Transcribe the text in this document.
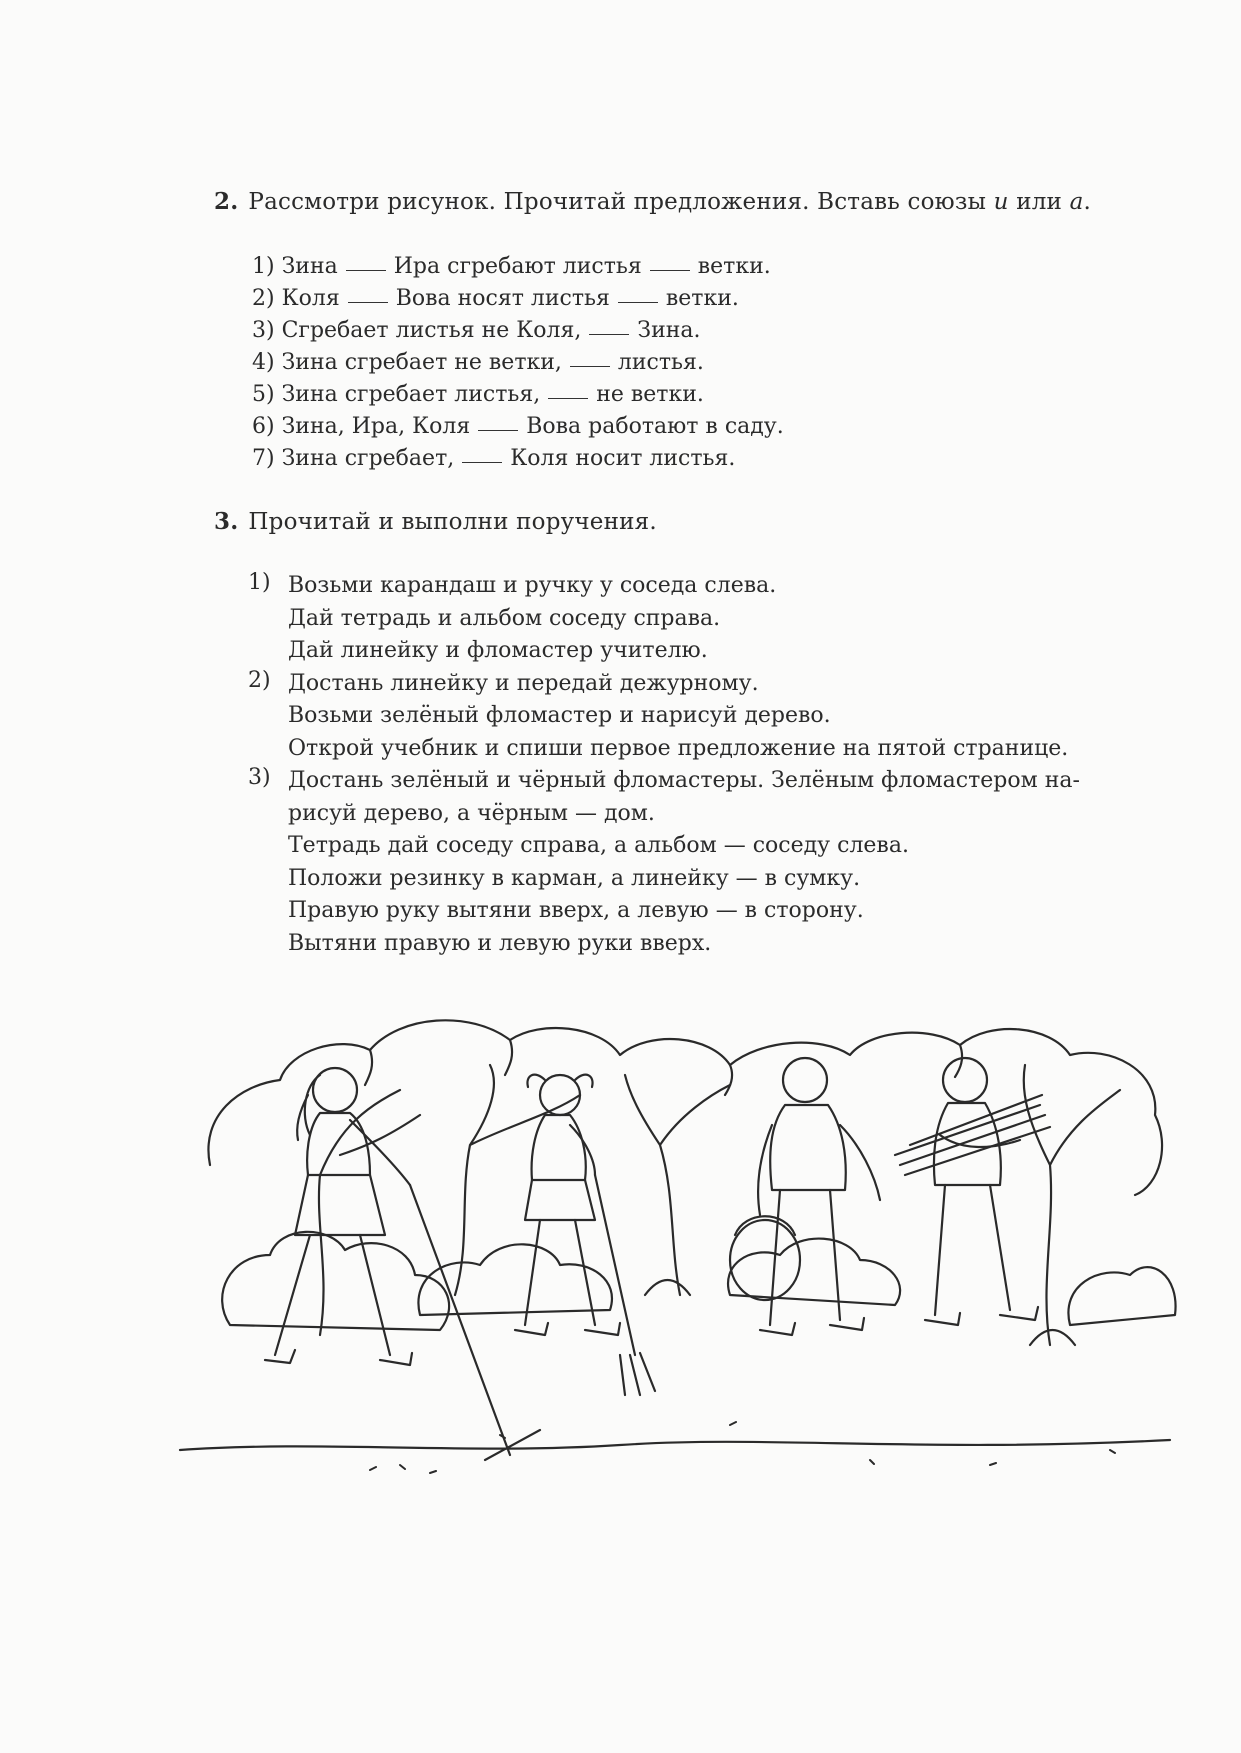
2. Рассмотри рисунок. Прочитай предложения. Вставь союзы и или а.
1) Зина	Ира сгребают листья	ветки.
2) Коля	Вова носят листья	ветки.
3) Сгребает листья не Коля,	Зина.
4) Зина сгребает не ветки,	листья.
5) Зина сгребает листья,	не ветки.
6) Зина, Ира, Коля	Вова работают в саду.
7) Зина сгребает,	Коля носит листья.
3. Прочитай и выполни поручения.
1) Возьми карандаш и ручку у соседа слева.
Дай тетрадь и альбом соседу справа.
Дай линейку и фломастер учителю.
2) Достань линейку и передай дежурному.
Возьми зелёный фломастер и нарисуй дерево.
Открой учебник и спиши первое предложение на пятой странице.
3) Достань зелёный и чёрный фломастеры. Зелёным фломастером на-
рисуй дерево, а чёрным — дом.
Тетрадь дай соседу справа, а альбом — соседу слева.
Положи резинку в карман, а линейку — в сумку.
Правую руку вытяни вверх, а левую — в сторону.
Вытяни правую и левую руки вверх.
